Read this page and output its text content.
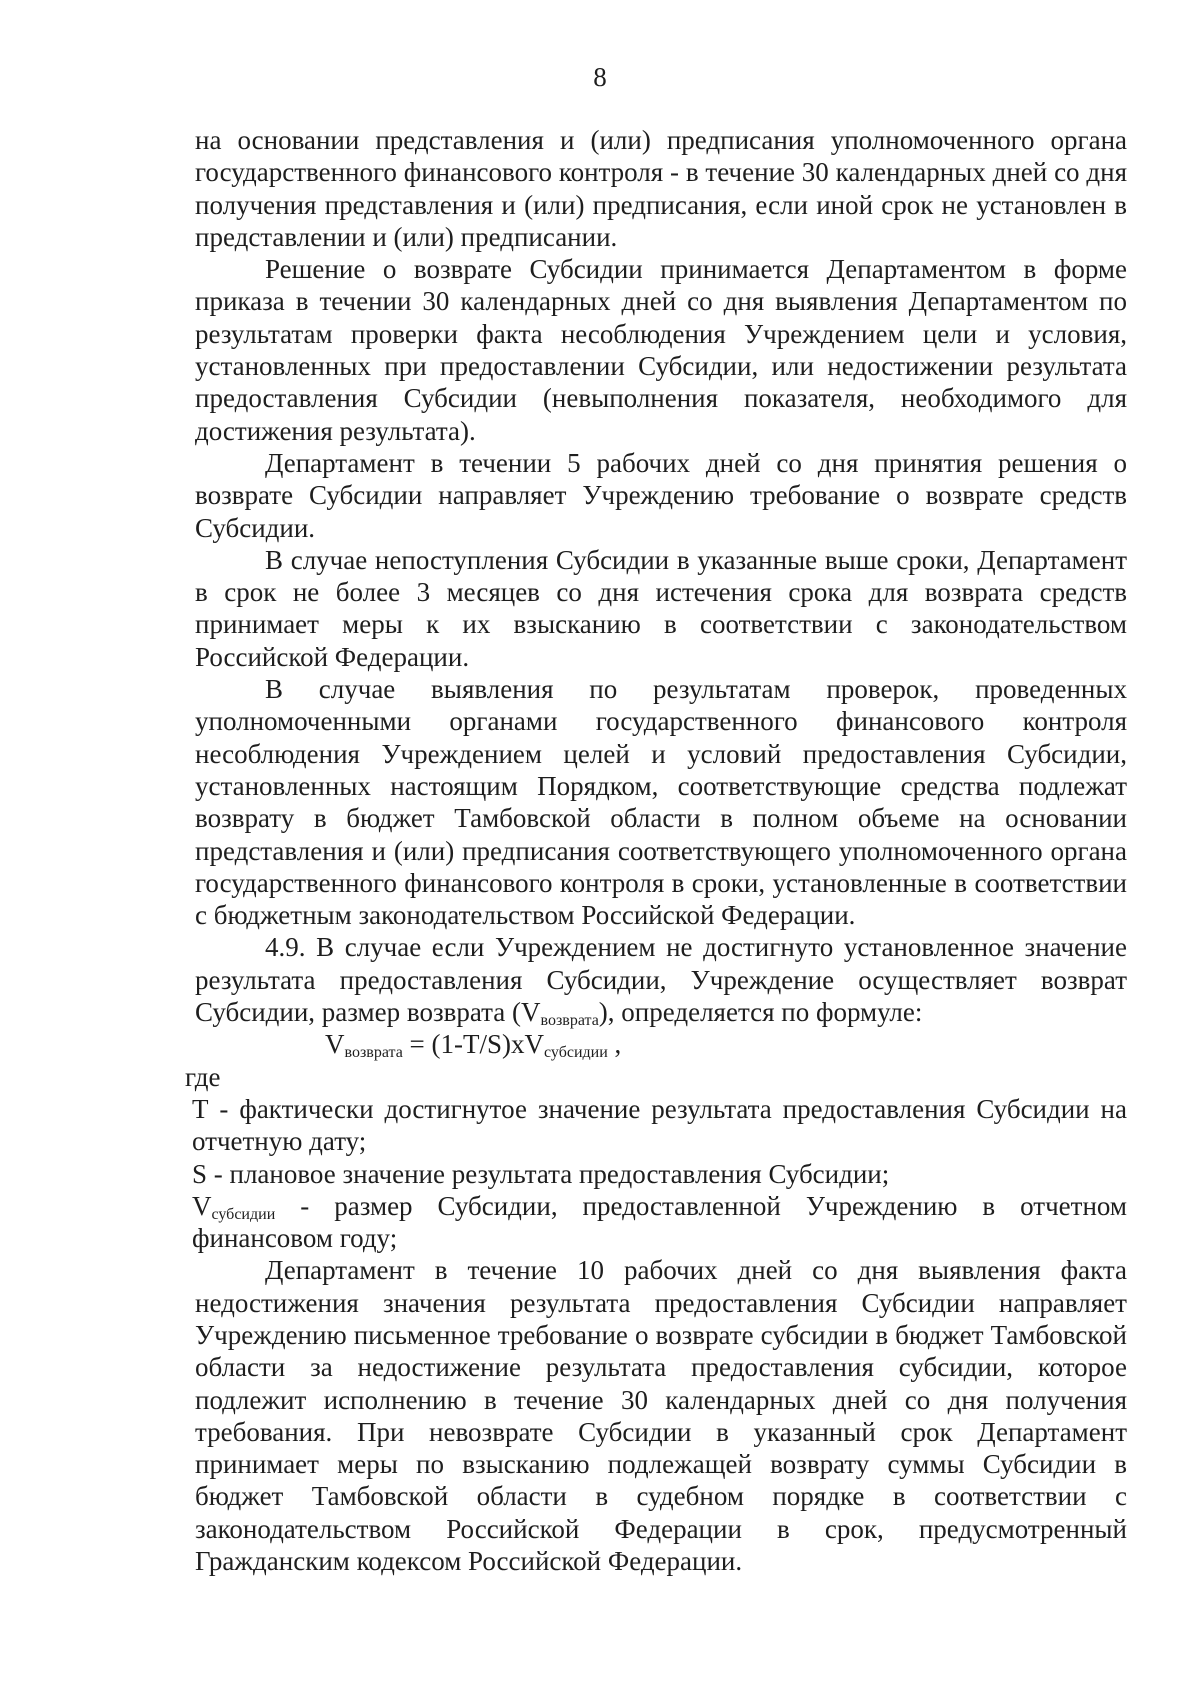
8

на основании представления и (или) предписания уполномоченного органа государственного финансового контроля - в течение 30 календарных дней со дня получения представления и (или) предписания, если иной срок не установлен в представлении и (или) предписании.

Решение о возврате Субсидии принимается Департаментом в форме приказа в течении 30 календарных дней со дня выявления Департаментом по результатам проверки факта несоблюдения Учреждением цели и условия, установленных при предоставлении Субсидии, или недостижении результата предоставления Субсидии (невыполнения показателя, необходимого для достижения результата).

Департамент в течении 5 рабочих дней со дня принятия решения о возврате Субсидии направляет Учреждению требование о возврате средств Субсидии.

В случае непоступления Субсидии в указанные выше сроки, Департамент в срок не более 3 месяцев со дня истечения срока для возврата средств принимает меры к их взысканию в соответствии с законодательством Российской Федерации.

В случае выявления по результатам проверок, проведенных уполномоченными органами государственного финансового контроля несоблюдения Учреждением целей и условий предоставления Субсидии, установленных настоящим Порядком, соответствующие средства подлежат возврату в бюджет Тамбовской области в полном объеме на основании представления и (или) предписания соответствующего уполномоченного органа государственного финансового контроля в сроки, установленные в соответствии с бюджетным законодательством Российской Федерации.

4.9. В случае если Учреждением не достигнуто установленное значение результата предоставления Субсидии, Учреждение осуществляет возврат Субсидии, размер возврата $(V_{возврата})$, определяется по формуле:

$V_{возврата} = (1-T/S)xV_{субсидии}$ ,

где

Т - фактически достигнутое значение результата предоставления Субсидии на отчетную дату;

S - плановое значение результата предоставления Субсидии;

$V_{субсидии}$ - размер Субсидии, предоставленной Учреждению в отчетном финансовом году;

Департамент в течение 10 рабочих дней со дня выявления факта недостижения значения результата предоставления Субсидии направляет Учреждению письменное требование о возврате субсидии в бюджет Тамбовской области за недостижение результата предоставления субсидии, которое подлежит исполнению в течение 30 календарных дней со дня получения требования. При невозврате Субсидии в указанный срок Департамент принимает меры по взысканию подлежащей возврату суммы Субсидии в бюджет Тамбовской области в судебном порядке в соответствии с законодательством Российской Федерации в срок, предусмотренный Гражданским кодексом Российской Федерации.
